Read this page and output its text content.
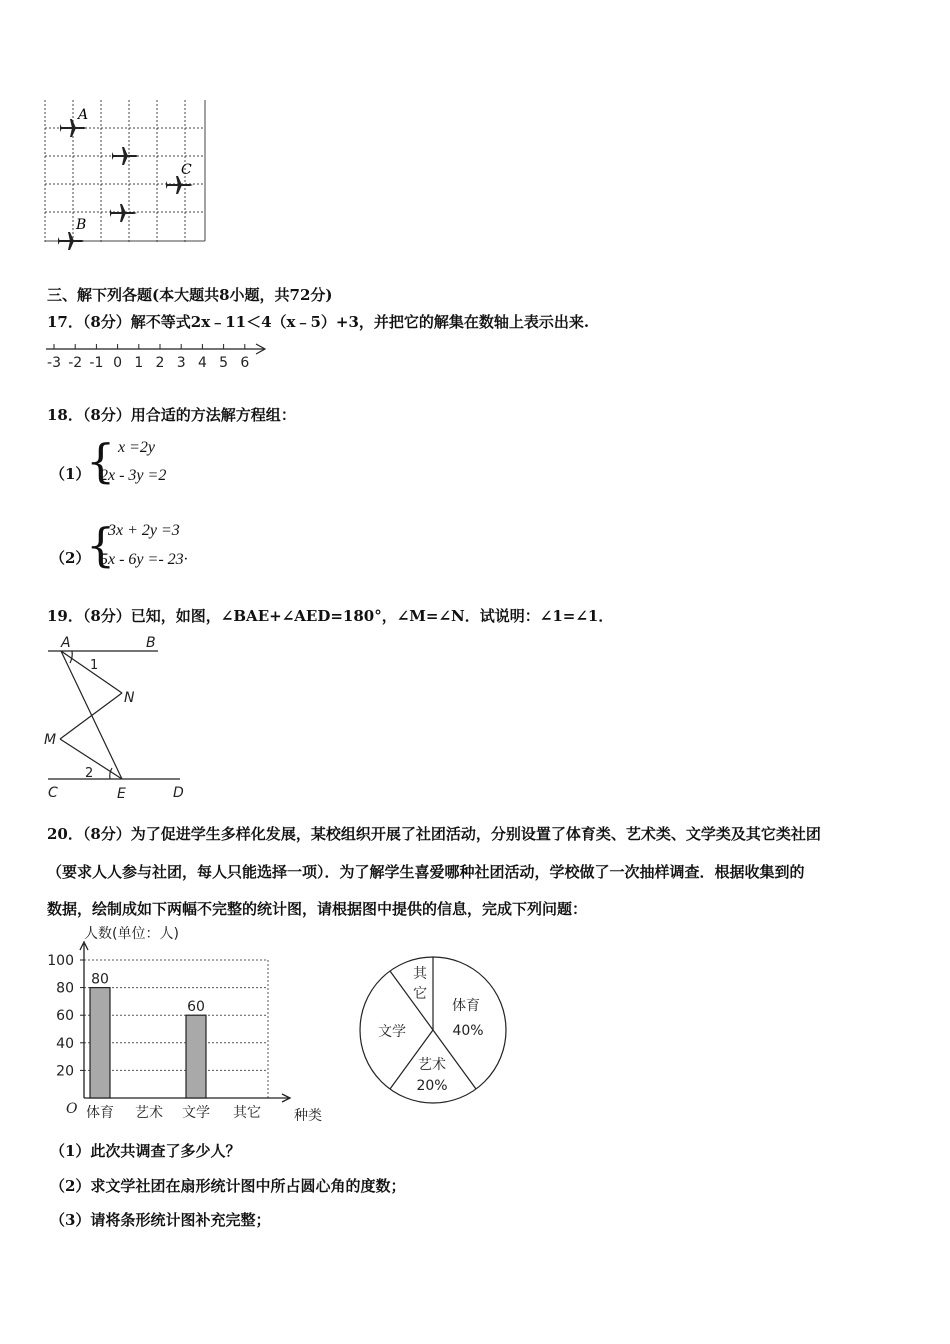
A
B
C
三、解下列各题(本大题共8小题，共72分)
17．（8分）解不等式2x﹣11＜4（x﹣5）+3，并把它的解集在数轴上表示出来.
-3 -2 -1 0 1 2 3 4 5 6
18．（8分）用合适的方法解方程组：
（1）
{ x =2y
2x - 3y =2
（2）
{
3x + 2y =3
5x - 6y =- 23·
19．（8分）已知，如图，∠BAE+∠AED=180°，∠M=∠N．试说明：∠1=∠1．
A	B
N
M
C	E	D
1
2
20．（8分）为了促进学生多样化发展，某校组织开展了社团活动，分别设置了体育类、艺术类、文学类及其它类社团
（要求人人参与社团，每人只能选择一项）．为了解学生喜爱哪种社团活动，学校做了一次抽样调查．根据收集到的
数据，绘制成如下两幅不完整的统计图，请根据图中提供的信息，完成下列问题：
人数(单位：人)
100
80
60
40
20
80
60
体育 艺术 文学 其它
O	种类
体育
40%
艺术
20%
文学
其
它
（1）此次共调查了多少人？
（2）求文学社团在扇形统计图中所占圆心角的度数；
（3）请将条形统计图补充完整；
